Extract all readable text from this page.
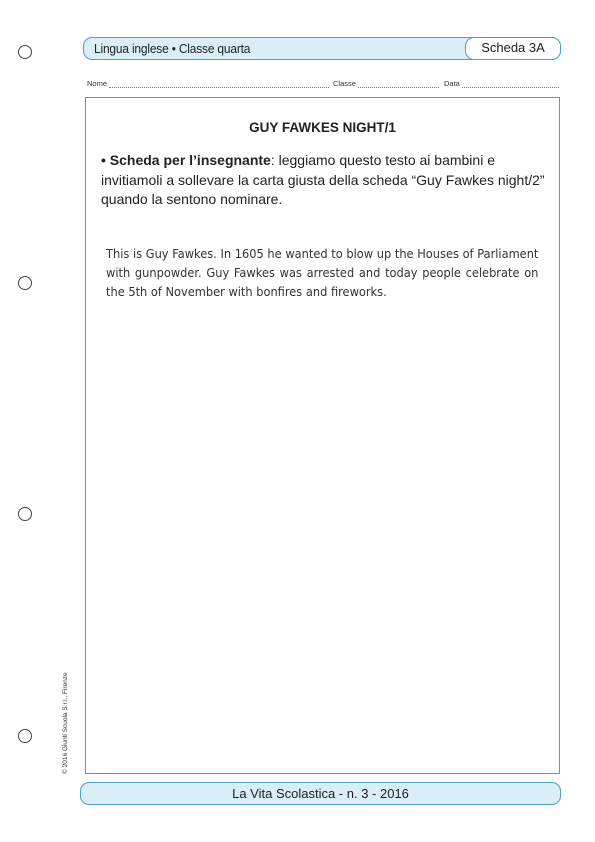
Lingua inglese • Classe quarta	Scheda 3A
Nome	Classe	Data
GUY FAWKES NIGHT/1
• Scheda per l’insegnante: leggiamo questo testo ai bambini e invitiamoli a sollevare la carta giusta della scheda “Guy Fawkes night/2” quando la sentono nominare.
This is Guy Fawkes. In 1605 he wanted to blow up the Houses of Parliament with gunpowder. Guy Fawkes was arrested and today people celebrate on the 5th of November with bonfires and fireworks.
© 2016 Giunti Scuola S.r.l., Firenze
La Vita Scolastica - n. 3 - 2016
